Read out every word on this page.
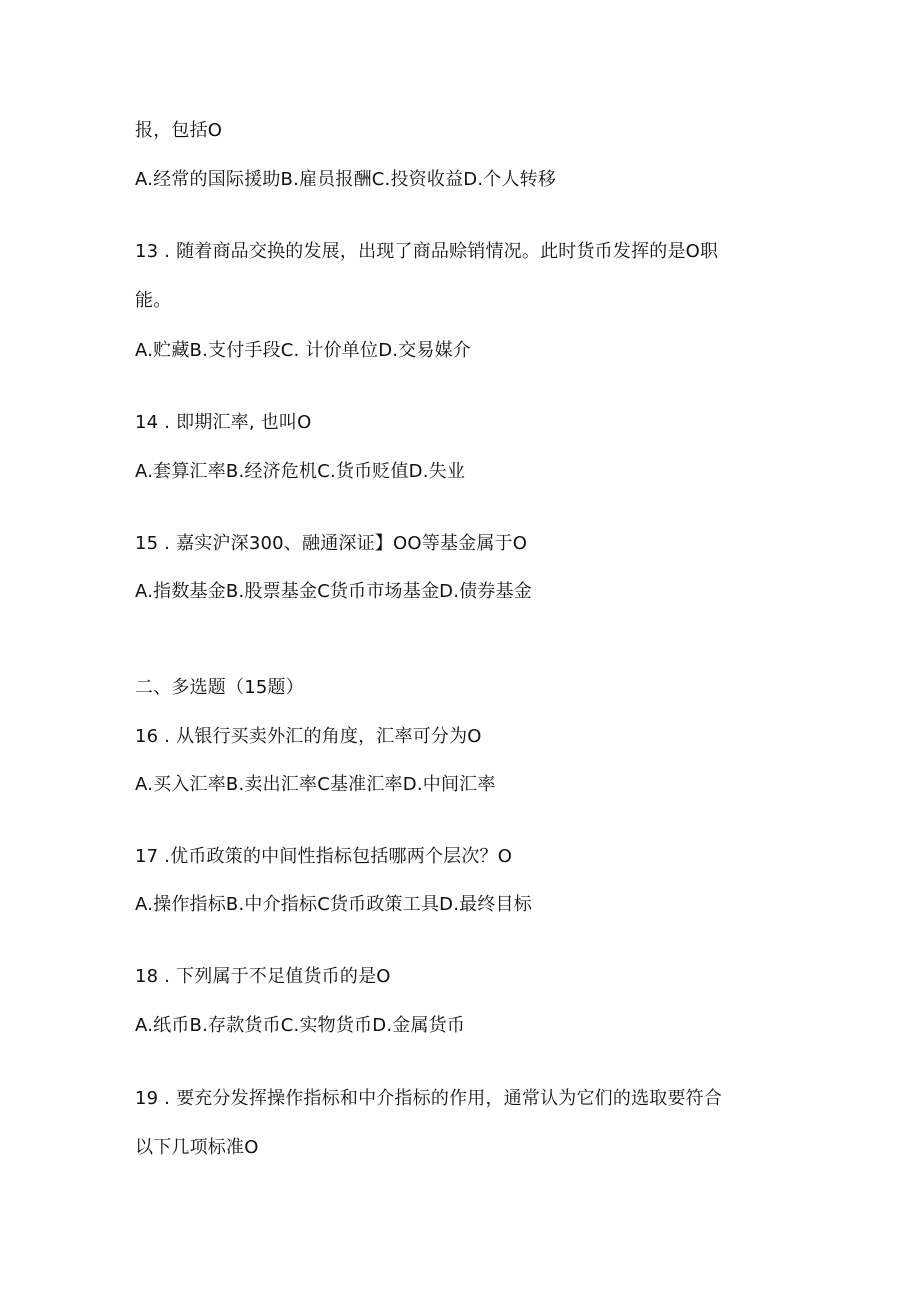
报，包括O
A.经常的国际援助B.雇员报酬C.投资收益D.个人转移
13 . 随着商品交换的发展，出现了商品赊销情况。此时货币发挥的是O职
能。
A.贮藏B.支付手段C. 计价单位D.交易媒介
14 . 即期汇率, 也叫O
A.套算汇率B.经济危机C.货币贬值D.失业
15 . 嘉实沪深300、融通深证】OO等基金属于O
A.指数基金B.股票基金C货币市场基金D.债券基金
二、多选题（15题）
16 . 从银行买卖外汇的角度，汇率可分为O
A.买入汇率B.卖出汇率C基准汇率D.中间汇率
17 .优币政策的中间性指标包括哪两个层次？O
A.操作指标B.中介指标C货币政策工具D.最终目标
18 . 下列属于不足值货币的是O
A.纸币B.存款货币C.实物货币D.金属货币
19 . 要充分发挥操作指标和中介指标的作用，通常认为它们的选取要符合
以下几项标准O
